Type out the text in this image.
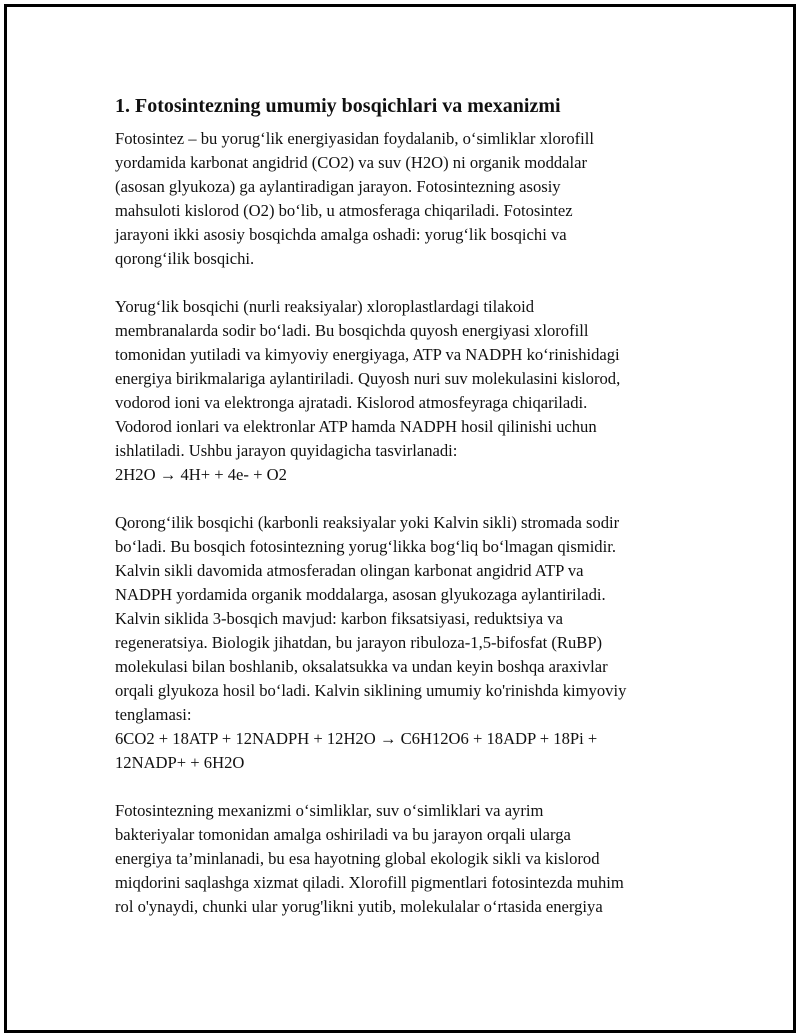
1. Fotosintezning umumiy bosqichlari va mexanizmi
Fotosintez – bu yorug‘lik energiyasidan foydalanib, o‘simliklar xlorofill
yordamida karbonat angidrid (CO2) va suv (H2O) ni organik moddalar
(asosan glyukoza) ga aylantiradigan jarayon. Fotosintezning asosiy
mahsuloti kislorod (O2) bo‘lib, u atmosferaga chiqariladi. Fotosintez
jarayoni ikki asosiy bosqichda amalga oshadi: yorug‘lik bosqichi va
qorong‘ilik bosqichi.
Yorug‘lik bosqichi (nurli reaksiyalar) xloroplastlardagi tilakoid
membranalarda sodir bo‘ladi. Bu bosqichda quyosh energiyasi xlorofill
tomonidan yutiladi va kimyoviy energiyaga, ATP va NADPH ko‘rinishidagi
energiya birikmalariga aylantiriladi. Quyosh nuri suv molekulasini kislorod,
vodorod ioni va elektronga ajratadi. Kislorod atmosfeyraga chiqariladi.
Vodorod ionlari va elektronlar ATP hamda NADPH hosil qilinishi uchun
ishlatiladi. Ushbu jarayon quyidagicha tasvirlanadi:
2H2O → 4H+ + 4e- + O2
Qorong‘ilik bosqichi (karbonli reaksiyalar yoki Kalvin sikli) stromada sodir
bo‘ladi. Bu bosqich fotosintezning yorug‘likka bog‘liq bo‘lmagan qismidir.
Kalvin sikli davomida atmosferadan olingan karbonat angidrid ATP va
NADPH yordamida organik moddalarga, asosan glyukozaga aylantiriladi.
Kalvin siklida 3-bosqich mavjud: karbon fiksatsiyasi, reduktsiya va
regeneratsiya. Biologik jihatdan, bu jarayon ribuloza-1,5-bifosfat (RuBP)
molekulasi bilan boshlanib, oksalatsukka va undan keyin boshqa araxivlar
orqali glyukoza hosil bo‘ladi. Kalvin siklining umumiy ko'rinishda kimyoviy
tenglamasi:
6CO2 + 18ATP + 12NADPH + 12H2O → C6H12O6 + 18ADP + 18Pi +
12NADP+ + 6H2O
Fotosintezning mexanizmi o‘simliklar, suv o‘simliklari va ayrim
bakteriyalar tomonidan amalga oshiriladi va bu jarayon orqali ularga
energiya ta’minlanadi, bu esa hayotning global ekologik sikli va kislorod
miqdorini saqlashga xizmat qiladi. Xlorofill pigmentlari fotosintezda muhim
rol o'ynaydi, chunki ular yorug'likni yutib, molekulalar o‘rtasida energiya
